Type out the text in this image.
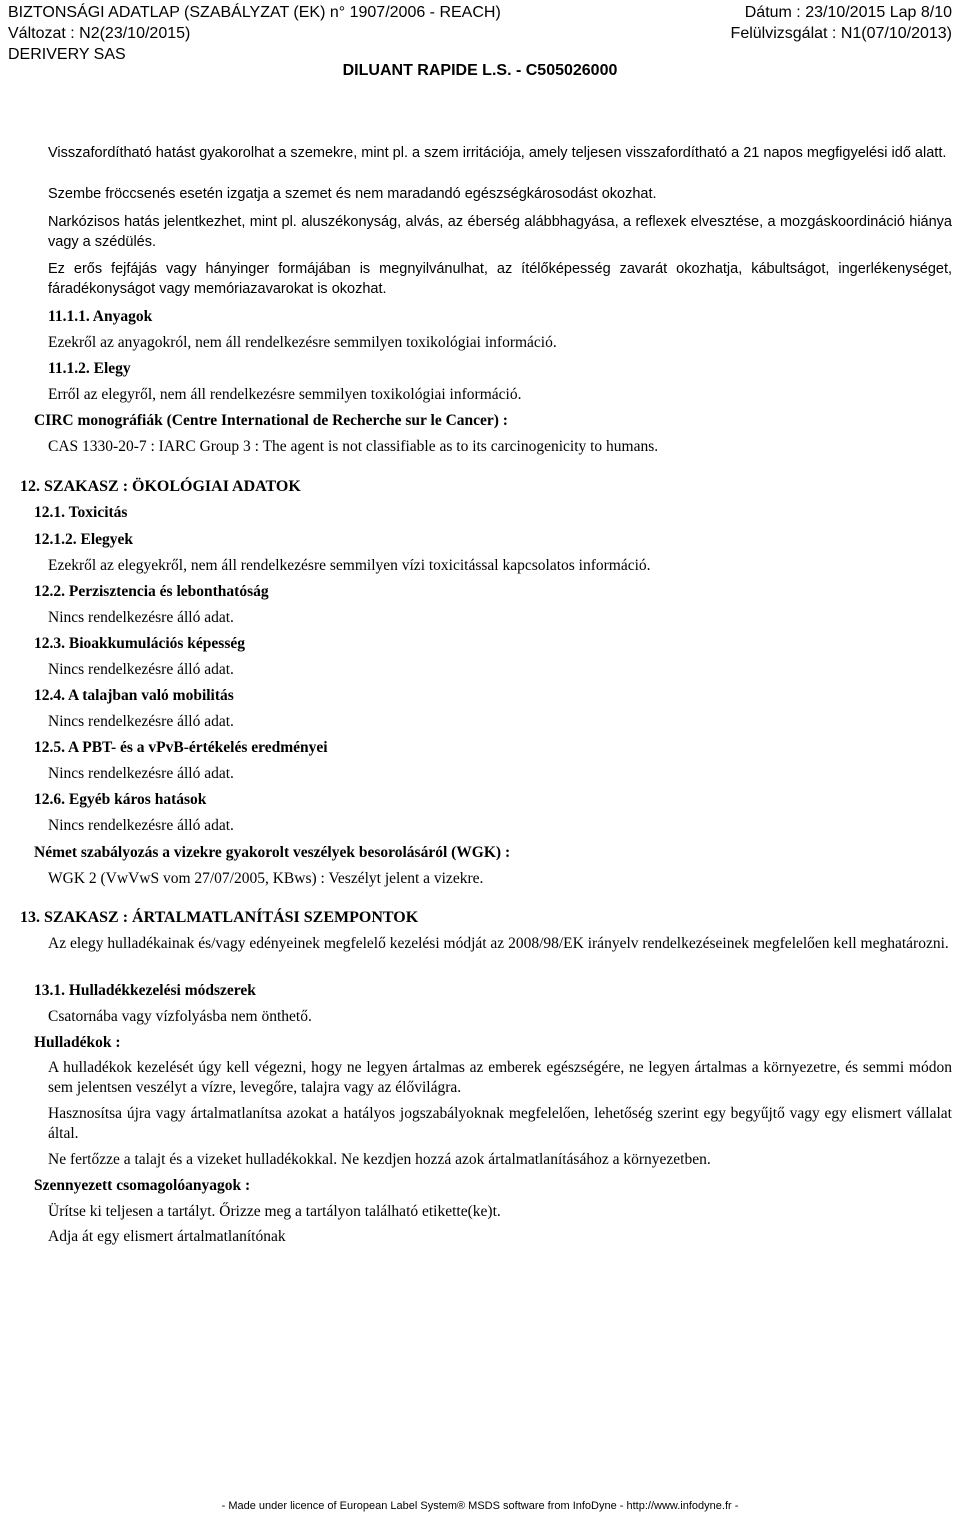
BIZTONSÁGI ADATLAP (SZABÁLYZAT (EK) n° 1907/2006 - REACH)	Dátum : 23/10/2015 Lap 8/10
Változat : N2(23/10/2015)	Felülvizsgálat : N1(07/10/2013)
DERIVERY SAS
DILUANT RAPIDE L.S. - C505026000
Visszafordítható hatást gyakorolhat a szemekre, mint pl. a szem irritációja, amely teljesen visszafordítható a 21 napos megfigyelési idő alatt.
Szembe fröccsenés esetén izgatja a szemet és nem maradandó egészségkárosodást okozhat.
Narkózisos hatás jelentkezhet, mint pl. aluszékonyság, alvás, az éberség alábbhagyása, a reflexek elvesztése, a mozgáskoordináció hiánya vagy a szédülés.
Ez erős fejfájás vagy hányinger formájában is megnyilvánulhat, az ítélőképesség zavarát okozhatja, kábultságot, ingerlékenységet, fáradékonyságot vagy memóriazavarokat is okozhat.
11.1.1. Anyagok
Ezekről az anyagokról, nem áll rendelkezésre semmilyen toxikológiai információ.
11.1.2. Elegy
Erről az elegyről, nem áll rendelkezésre semmilyen toxikológiai információ.
CIRC monográfiák (Centre International de Recherche sur le Cancer) :
CAS 1330-20-7 : IARC Group 3 : The agent is not classifiable as to its carcinogenicity to humans.
12. SZAKASZ : ÖKOLÓGIAI ADATOK
12.1. Toxicitás
12.1.2. Elegyek
Ezekről az elegyekről, nem áll rendelkezésre semmilyen vízi toxicitással kapcsolatos információ.
12.2. Perzisztencia és lebonthatóság
Nincs rendelkezésre álló adat.
12.3. Bioakkumulációs képesség
Nincs rendelkezésre álló adat.
12.4. A talajban való mobilitás
Nincs rendelkezésre álló adat.
12.5. A PBT- és a vPvB-értékelés eredményei
Nincs rendelkezésre álló adat.
12.6. Egyéb káros hatások
Nincs rendelkezésre álló adat.
Német szabályozás a vizekre gyakorolt veszélyek besorolásáról (WGK) :
WGK 2 (VwVwS vom 27/07/2005, KBws) : Veszélyt jelent a vizekre.
13. SZAKASZ : ÁRTALMATLANÍTÁSI SZEMPONTOK
Az elegy hulladékainak és/vagy edényeinek megfelelő kezelési módját az 2008/98/EK irányelv rendelkezéseinek megfelelően kell meghatározni.
13.1. Hulladékkezelési módszerek
Csatornába vagy vízfolyásba nem önthető.
Hulladékok :
A hulladékok kezelését úgy kell végezni, hogy ne legyen ártalmas az emberek egészségére, ne legyen ártalmas a környezetre, és semmi módon sem jelentsen veszélyt a vízre, levegőre, talajra vagy az élővilágra.
Hasznosítsa újra vagy ártalmatlanítsa azokat a hatályos jogszabályoknak megfelelően, lehetőség szerint egy begyűjtő vagy egy elismert vállalat által.
Ne fertőzze a talajt és a vizeket hulladékokkal. Ne kezdjen hozzá azok ártalmatlanításához a környezetben.
Szennyezett csomagolóanyagok :
Ürítse ki teljesen a tartályt. Őrizze meg a tartályon található etikette(ke)t.
Adja át egy elismert ártalmatlanítónak
- Made under licence of European Label System® MSDS software from InfoDyne - http://www.infodyne.fr -
